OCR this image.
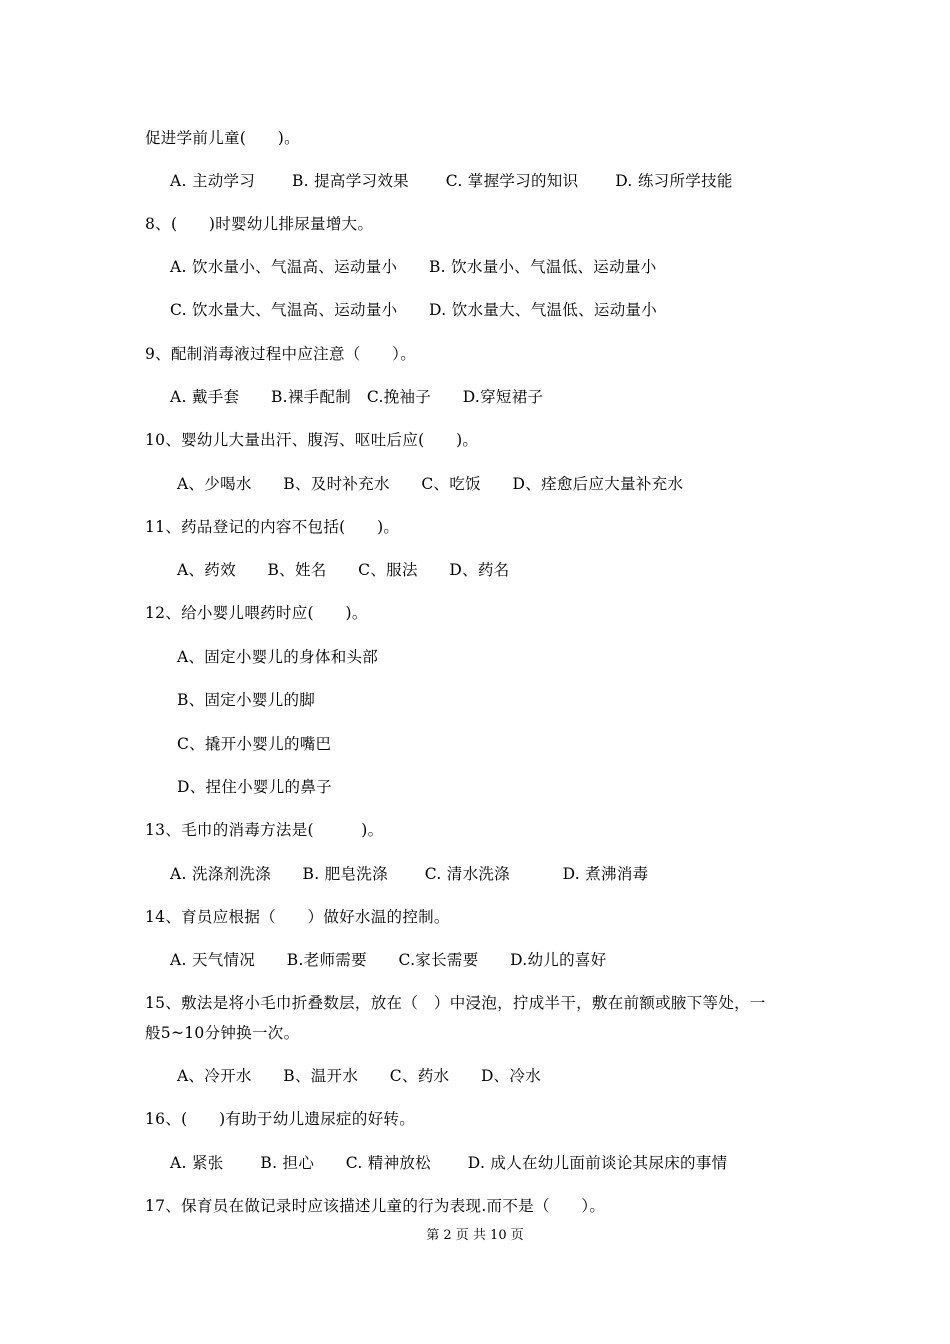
促进学前儿童(　　)。
A. 主动学习　　 B. 提高学习效果　　 C. 掌握学习的知识　　 D. 练习所学技能
8、(　　)时婴幼儿排尿量增大。
A. 饮水量小、气温高、运动量小　　B. 饮水量小、气温低、运动量小
C. 饮水量大、气温高、运动量小　　D. 饮水量大、气温低、运动量小
9、配制消毒液过程中应注意（　　）。
A. 戴手套　　B.裸手配制　C.挽袖子　　D.穿短裙子
10、婴幼儿大量出汗、腹泻、呕吐后应(　　)。
A、少喝水　　B、及时补充水　　C、吃饭　　D、痊愈后应大量补充水
11、药品登记的内容不包括(　　)。
A、药效　　B、姓名　　C、服法　　D、药名
12、给小婴儿喂药时应(　　)。
A、固定小婴儿的身体和头部
B、固定小婴儿的脚
C、撬开小婴儿的嘴巴
D、捏住小婴儿的鼻子
13、毛巾的消毒方法是(　　　)。
A. 洗涤剂洗涤　　B. 肥皂洗涤　　 C. 清水洗涤　　　 D. 煮沸消毒
14、育员应根据（　　）做好水温的控制。
A. 天气情况　　B.老师需要　　C.家长需要　　D.幼儿的喜好
15、敷法是将小毛巾折叠数层，放在（　）中浸泡，拧成半干，敷在前额或腋下等处，一
般5~10分钟换一次。
A、冷开水　　B、温开水　　C、药水　　D、冷水
16、(　　)有助于幼儿遗尿症的好转。
A. 紧张　　 B. 担心　　C. 精神放松　　 D. 成人在幼儿面前谈论其尿床的事情
17、保育员在做记录时应该描述儿童的行为表现.而不是（　　）。
第 2 页 共 10 页
